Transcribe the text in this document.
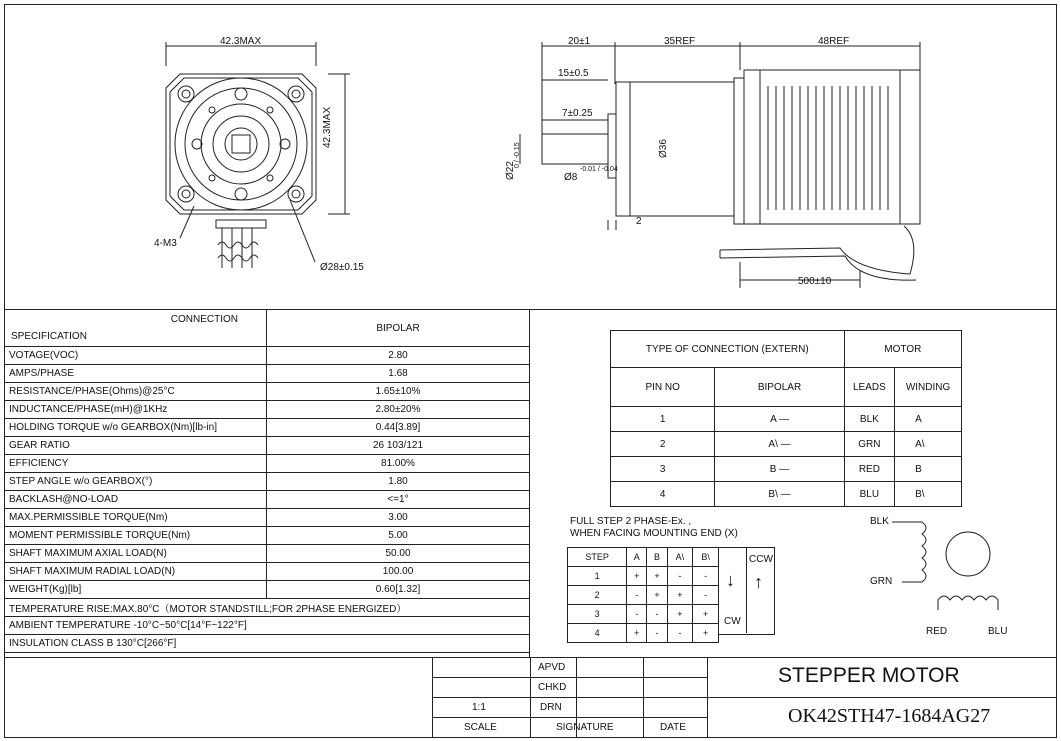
42.3MAX
42.3MAX
4-M3
Ø28±0.15
20±1	35REF	48REF
15±0.5
7±0.25
2
Ø22
0 / -0.15	Ø36
Ø8
-0.01 / -0.04
500±10
CONNECTION
SPECIFICATION	BIPOLAR
VOTAGE(VOC)	2.80
AMPS/PHASE	1.68
RESISTANCE/PHASE(Ohms)@25°C	1.65±10%
INDUCTANCE/PHASE(mH)@1KHz	2.80±20%
HOLDING TORQUE w/o GEARBOX(Nm)[lb-in]	0.44[3.89]
GEAR RATIO	26 103/121
EFFICIENCY	81.00%
STEP ANGLE w/o GEARBOX(°)	1.80
BACKLASH@NO-LOAD	<=1°
MAX.PERMISSIBLE TORQUE(Nm)	3.00
MOMENT PERMISSIBLE TORQUE(Nm)	5.00
SHAFT MAXIMUM AXIAL LOAD(N)	50.00
SHAFT MAXIMUM RADIAL LOAD(N)	100.00
WEIGHT(Kg)[lb]	0.60[1.32]
TEMPERATURE RISE:MAX.80°C（MOTOR STANDSTILL;FOR 2PHASE ENERGIZED）	
AMBIENT TEMPERATURE -10°C~50°C[14°F~122°F]	
INSULATION CLASS B 130°C[266°F]	
TYPE OF CONNECTION (EXTERN)		MOTOR	
PIN NO	BIPOLAR	LEADS	WINDING
1	A —	BLK	A
2	A\ —	GRN	A\
3	B —	RED	B
4	B\ —	BLU	B\
FULL STEP 2 PHASE-Ex. ,
WHEN FACING MOUNTING END (X)
STEP	A	B	A\	B\
1	+	+	-	-
2	-	+	+	-
3	-	-	+	+
4	+	-	-	+
CCW
CW
↓ ↑
BLK
GRN
RED	BLU
APVD
CHKD
DRN
1:1
SCALE	SIGNATURE	DATE
STEPPER MOTOR
OK42STH47-1684AG27
